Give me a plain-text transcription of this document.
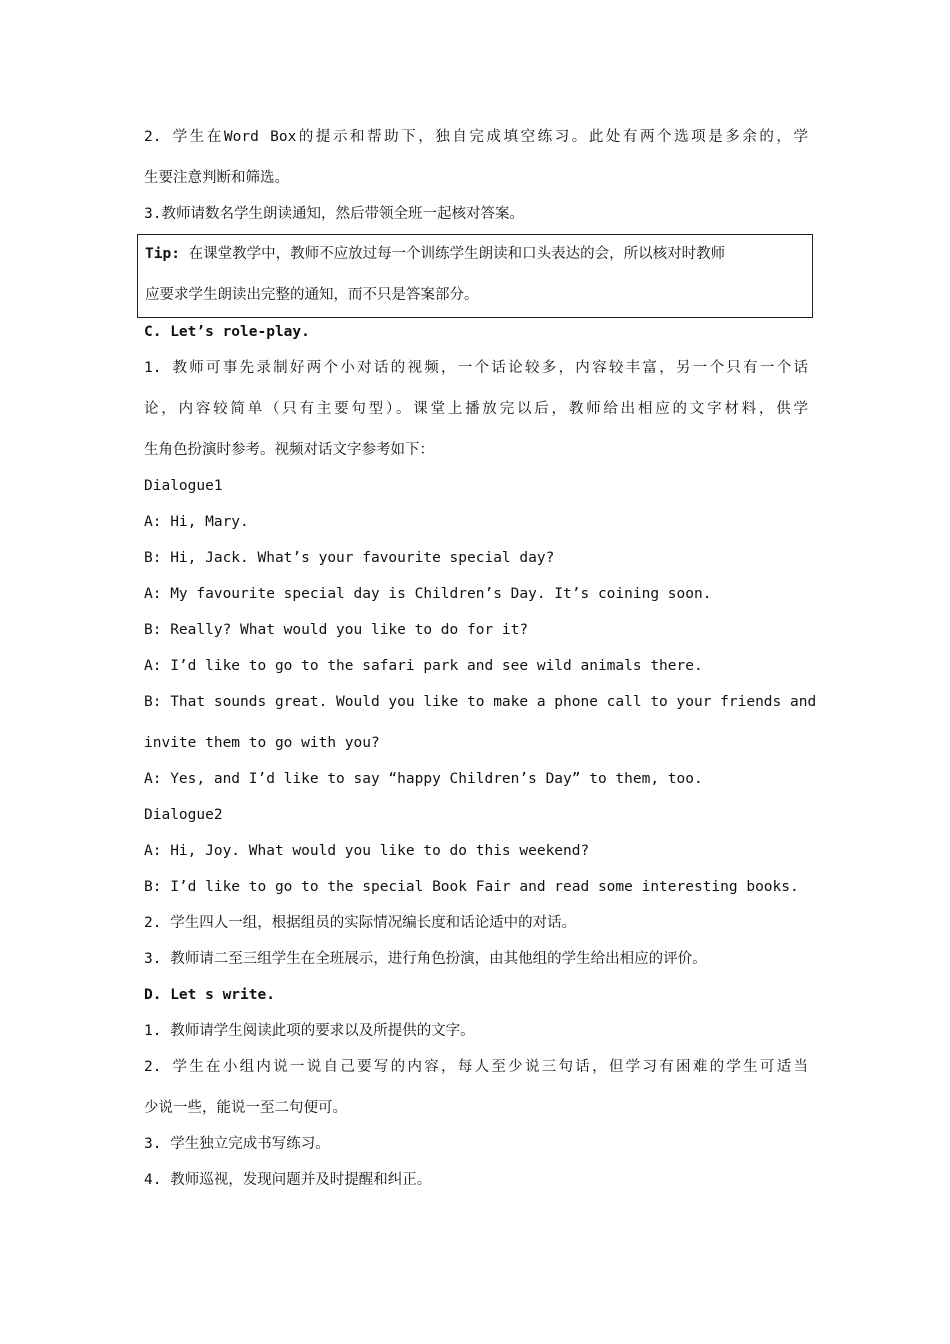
2. 学生在Word Box的提示和帮助下，独自完成填空练习。此处有两个选项是多余的，学
生要注意判断和筛选。
3.教师请数名学生朗读通知，然后带领全班一起核对答案。
Tip: 在课堂教学中，教师不应放过每一个训练学生朗读和口头表达的会，所以核对时教师
应要求学生朗读出完整的通知，而不只是答案部分。
C. Let’s role-play.
1. 教师可事先录制好两个小对话的视频，一个话论较多，内容较丰富，另一个只有一个话
论，内容较简单（只有主要句型）。课堂上播放完以后，教师给出相应的文字材料，供学
生角色扮演时参考。视频对话文字参考如下：
Dialogue1
A: Hi, Mary.
B: Hi, Jack. What’s your favourite special day?
A: My favourite special day is Children’s Day. It’s coining soon.
B: Really? What would you like to do for it?
A: I’d like to go to the safari park and see wild animals there.
B: That sounds great. Would you like to make a phone call to your friends and
invite them to go with you?
A: Yes, and I’d like to say “happy Children’s Day” to them, too.
Dialogue2
A: Hi, Joy. What would you like to do this weekend?
B: I’d like to go to the special Book Fair and read some interesting books.
2. 学生四人一组，根据组员的实际情况编长度和话论适中的对话。
3. 教师请二至三组学生在全班展示，进行角色扮演，由其他组的学生给出相应的评价。
D. Let s write.
1. 教师请学生阅读此项的要求以及所提供的文字。
2. 学生在小组内说一说自己要写的内容，每人至少说三句话，但学习有困难的学生可适当
少说一些，能说一至二句便可。
3. 学生独立完成书写练习。
4. 教师巡视，发现问题并及时提醒和纠正。
